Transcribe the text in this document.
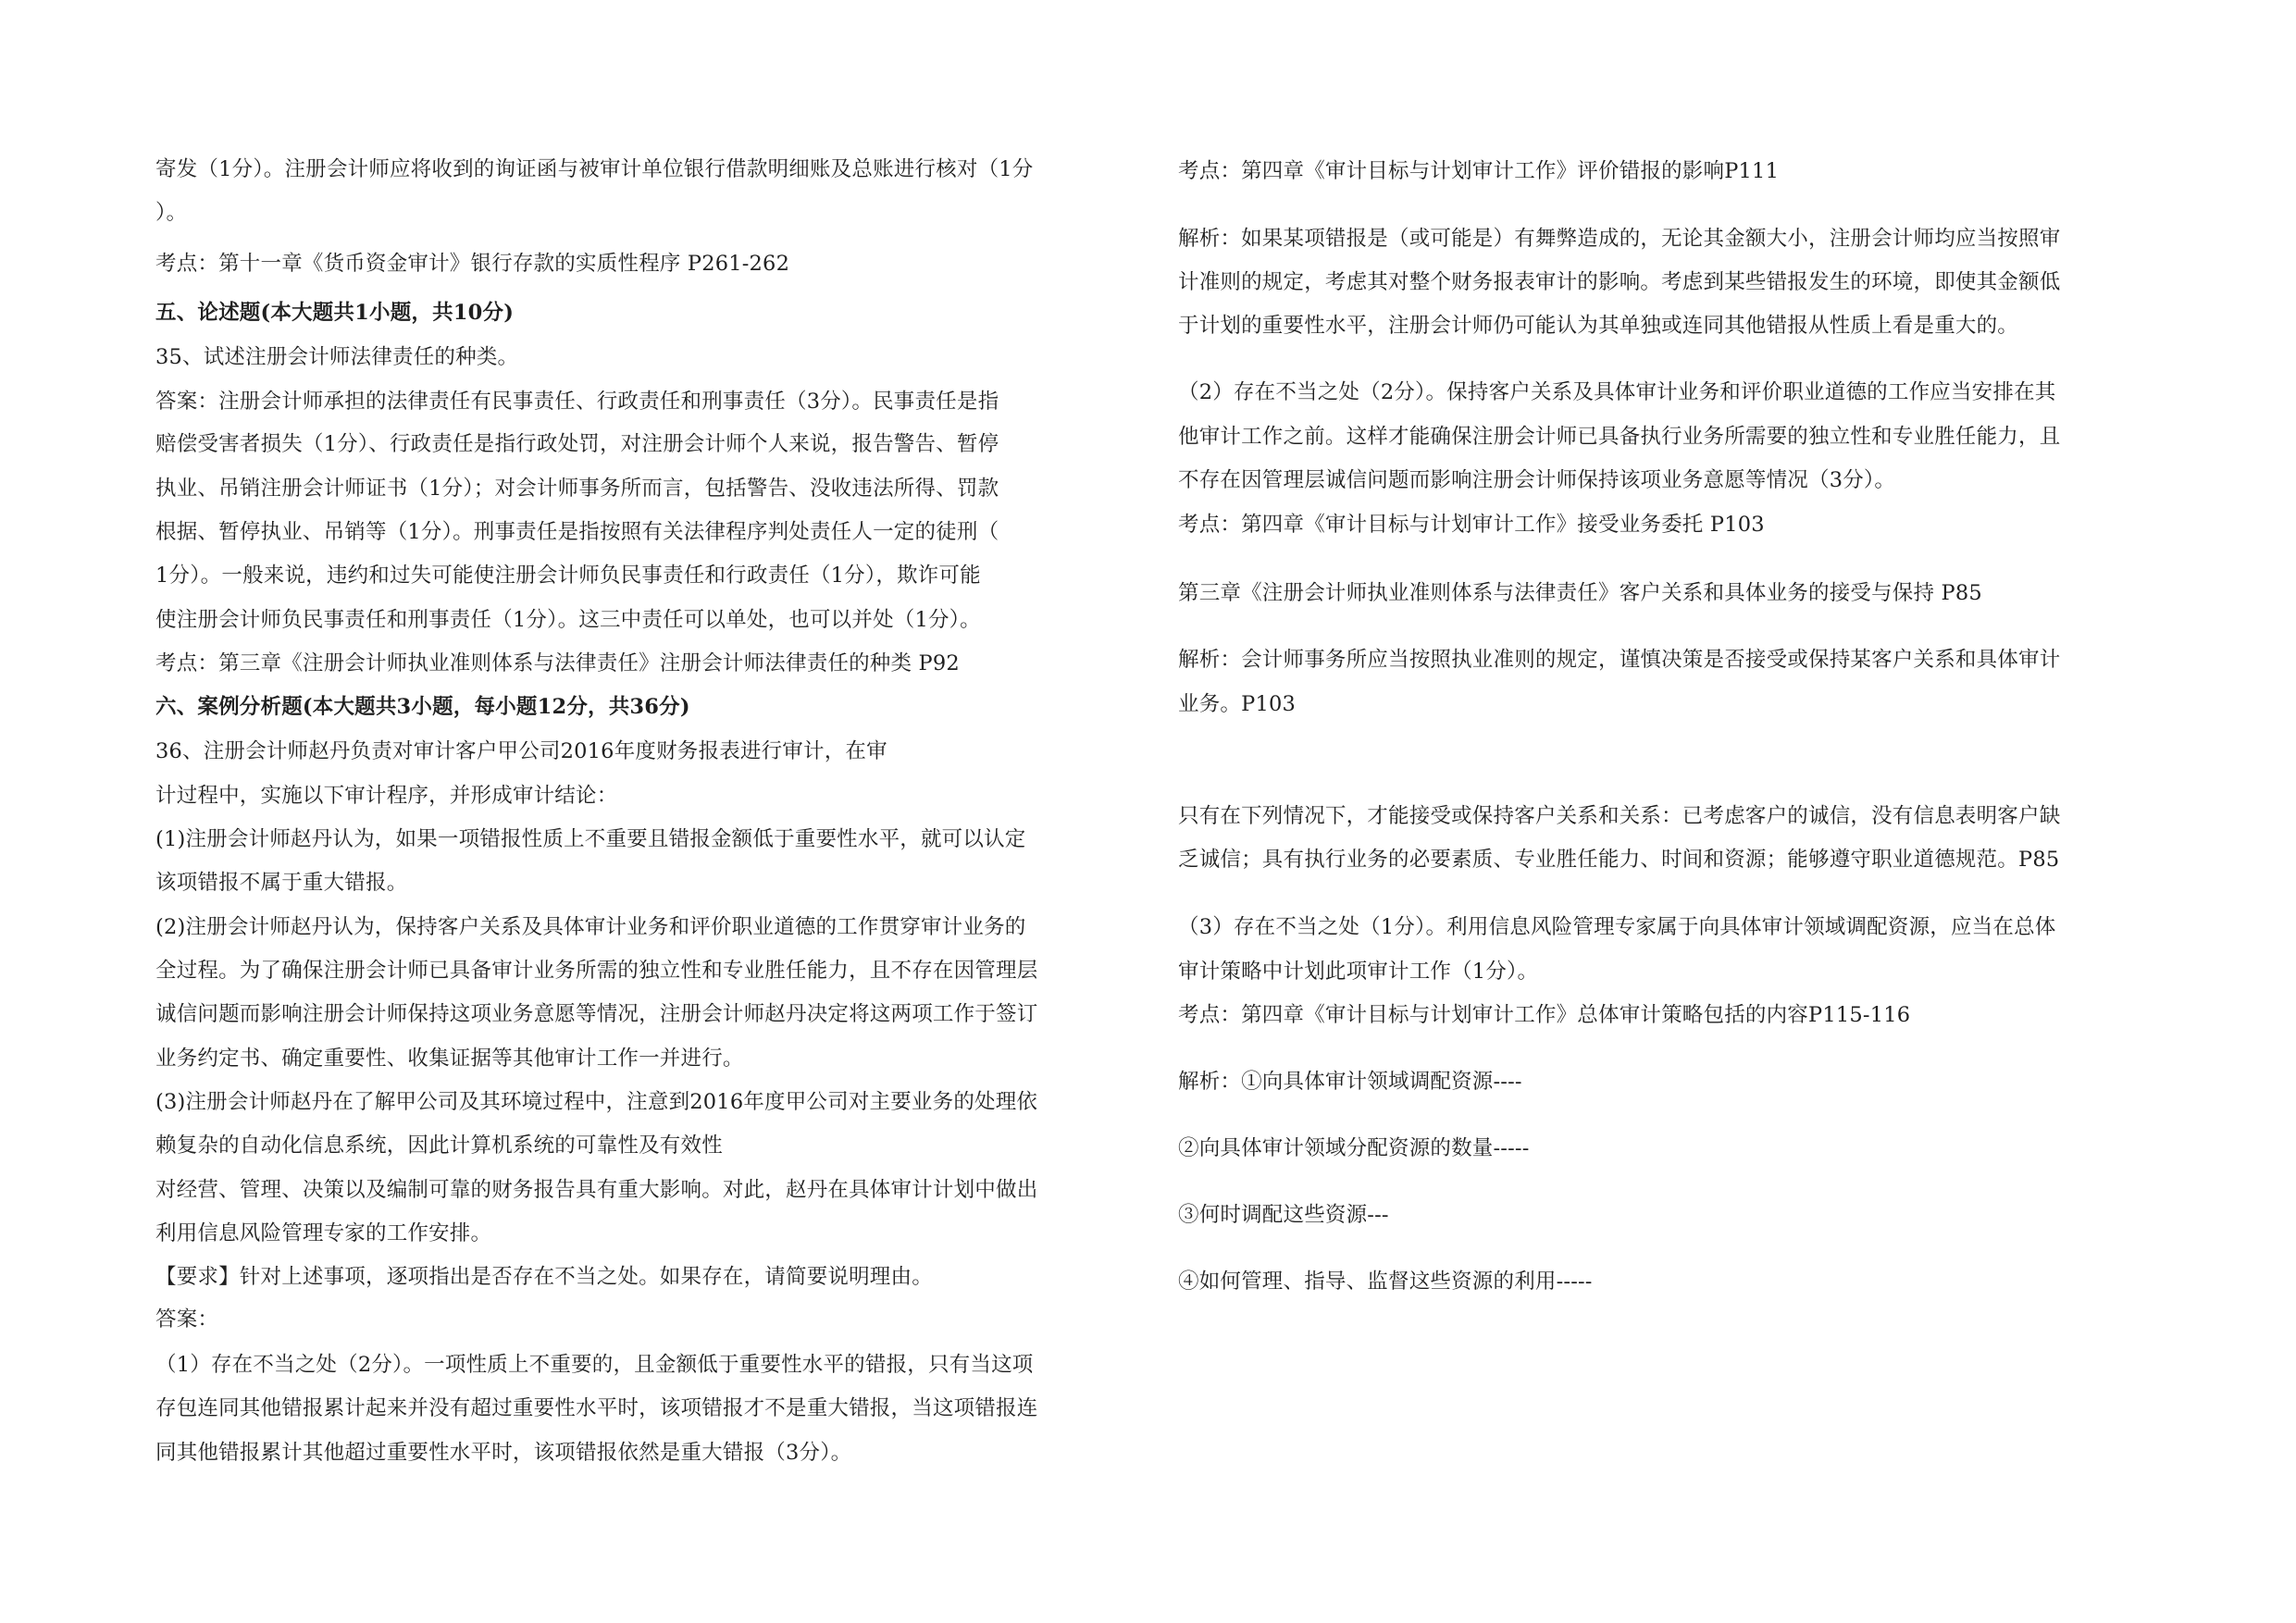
寄发（1分）。注册会计师应将收到的询证函与被审计单位银行借款明细账及总账进行核对（1分
）。
考点：第十一章《货币资金审计》银行存款的实质性程序 P261-262
五、论述题(本大题共1小题，共10分)
35、试述注册会计师法律责任的种类。
答案：注册会计师承担的法律责任有民事责任、行政责任和刑事责任（3分）。民事责任是指
赔偿受害者损失（1分）、行政责任是指行政处罚，对注册会计师个人来说，报告警告、暂停
执业、吊销注册会计师证书（1分）；对会计师事务所而言，包括警告、没收违法所得、罚款
根据、暂停执业、吊销等（1分）。刑事责任是指按照有关法律程序判处责任人一定的徒刑（
1分）。一般来说，违约和过失可能使注册会计师负民事责任和行政责任（1分），欺诈可能
使注册会计师负民事责任和刑事责任（1分）。这三中责任可以单处，也可以并处（1分）。
考点：第三章《注册会计师执业准则体系与法律责任》注册会计师法律责任的种类 P92
六、案例分析题(本大题共3小题，每小题12分，共36分)
36、注册会计师赵丹负责对审计客户甲公司2016年度财务报表进行审计，在审
计过程中，实施以下审计程序，并形成审计结论：
(1)注册会计师赵丹认为，如果一项错报性质上不重要且错报金额低于重要性水平，就可以认定
该项错报不属于重大错报。
(2)注册会计师赵丹认为，保持客户关系及具体审计业务和评价职业道德的工作贯穿审计业务的
全过程。为了确保注册会计师已具备审计业务所需的独立性和专业胜任能力，且不存在因管理层
诚信问题而影响注册会计师保持这项业务意愿等情况，注册会计师赵丹决定将这两项工作于签订
业务约定书、确定重要性、收集证据等其他审计工作一并进行。
(3)注册会计师赵丹在了解甲公司及其环境过程中，注意到2016年度甲公司对主要业务的处理依
赖复杂的自动化信息系统，因此计算机系统的可靠性及有效性
对经营、管理、决策以及编制可靠的财务报告具有重大影响。对此，赵丹在具体审计计划中做出
利用信息风险管理专家的工作安排。
【要求】针对上述事项，逐项指出是否存在不当之处。如果存在，请简要说明理由。
答案：
（1）存在不当之处（2分）。一项性质上不重要的，且金额低于重要性水平的错报，只有当这项
存包连同其他错报累计起来并没有超过重要性水平时，该项错报才不是重大错报，当这项错报连
同其他错报累计其他超过重要性水平时，该项错报依然是重大错报（3分）。
考点：第四章《审计目标与计划审计工作》评价错报的影响P111
解析：如果某项错报是（或可能是）有舞弊造成的，无论其金额大小，注册会计师均应当按照审
计准则的规定，考虑其对整个财务报表审计的影响。考虑到某些错报发生的环境，即使其金额低
于计划的重要性水平，注册会计师仍可能认为其单独或连同其他错报从性质上看是重大的。
（2）存在不当之处（2分）。保持客户关系及具体审计业务和评价职业道德的工作应当安排在其
他审计工作之前。这样才能确保注册会计师已具备执行业务所需要的独立性和专业胜任能力，且
不存在因管理层诚信问题而影响注册会计师保持该项业务意愿等情况（3分）。
考点：第四章《审计目标与计划审计工作》接受业务委托 P103
第三章《注册会计师执业准则体系与法律责任》客户关系和具体业务的接受与保持 P85
解析：会计师事务所应当按照执业准则的规定，谨慎决策是否接受或保持某客户关系和具体审计
业务。P103
只有在下列情况下，才能接受或保持客户关系和关系：已考虑客户的诚信，没有信息表明客户缺
乏诚信；具有执行业务的必要素质、专业胜任能力、时间和资源；能够遵守职业道德规范。P85
（3）存在不当之处（1分）。利用信息风险管理专家属于向具体审计领域调配资源，应当在总体
审计策略中计划此项审计工作（1分）。
考点：第四章《审计目标与计划审计工作》总体审计策略包括的内容P115-116
解析：①向具体审计领域调配资源----
②向具体审计领域分配资源的数量-----
③何时调配这些资源---
④如何管理、指导、监督这些资源的利用-----
